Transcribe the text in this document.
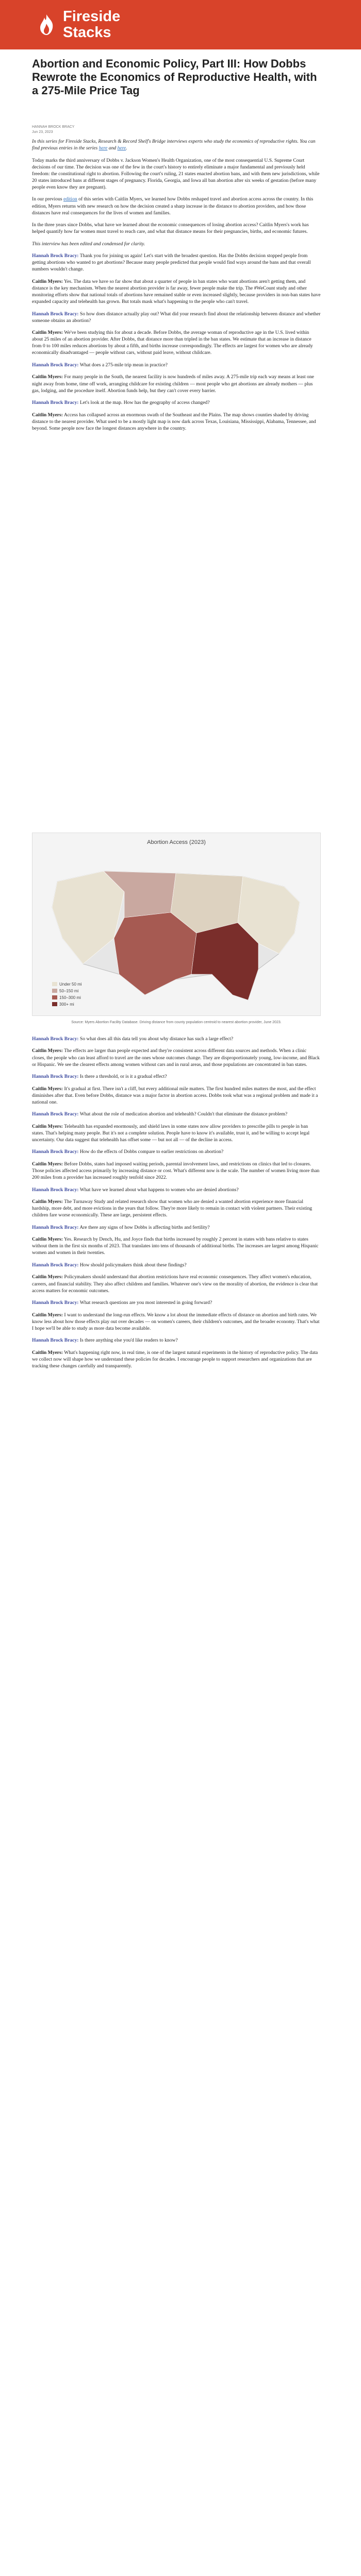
Fireside
Stacks
Abortion and Economic Policy, Part III: How Dobbs Rewrote the Economics of Reproductive Health, with a 275-Mile Price Tag
HANNAH BROCK BRACY
Jun 23, 2023

In this series for Fireside Stacks, Research & Record Shelf's Bridge interviews experts who study the economics of reproductive rights. You can find previous entries in the series here and here.

Today marks the third anniversary of Dobbs v. Jackson Women's Health Organization, one of the most consequential U.S. Supreme Court decisions of our time. The decision was one of the few in the court's history to entirely eliminate a major fundamental and previously held freedom: the constitutional right to abortion. Following the court's ruling, 21 states enacted abortion bans, and with them new jurisdictions, while 20 states introduced bans at different stages of pregnancy. Florida, Georgia, and Iowa all ban abortion after six weeks of gestation (before many people even know they are pregnant).

In our previous edition of this series with Caitlin Myers, we learned how Dobbs reshaped travel and abortion access across the country. In this edition, Myers returns with new research on how the decision created a sharp increase in the distance to abortion providers, and how those distances have real consequences for the lives of women and families.

In the three years since Dobbs, what have we learned about the economic consequences of losing abortion access? Caitlin Myers's work has helped quantify how far women must travel to reach care, and what that distance means for their pregnancies, births, and economic futures.

This interview has been edited and condensed for clarity.

Hannah Brock Bracy: Thank you for joining us again! Let's start with the broadest question. Has the Dobbs decision stopped people from getting abortions who wanted to get abortions? Because many people predicted that people would find ways around the bans and that overall numbers wouldn't change.

Caitlin Myers: Yes. The data we have so far show that about a quarter of people in ban states who want abortions aren't getting them, and distance is the key mechanism. When the nearest abortion provider is far away, fewer people make the trip. The #WeCount study and other monitoring efforts show that national totals of abortions have remained stable or even increased slightly, because providers in non-ban states have expanded capacity and telehealth has grown. But totals mask what's happening to the people who can't travel.

Hannah Brock Bracy: So how does distance actually play out? What did your research find about the relationship between distance and whether someone obtains an abortion?

Caitlin Myers: We've been studying this for about a decade. Before Dobbs, the average woman of reproductive age in the U.S. lived within about 25 miles of an abortion provider. After Dobbs, that distance more than tripled in the ban states. We estimate that an increase in distance from 0 to 100 miles reduces abortions by about a fifth, and births increase correspondingly. The effects are largest for women who are already economically disadvantaged — people without cars, without paid leave, without childcare.

Hannah Brock Bracy: What does a 275-mile trip mean in practice?

Caitlin Myers: For many people in the South, the nearest facility is now hundreds of miles away. A 275-mile trip each way means at least one night away from home, time off work, arranging childcare for existing children — most people who get abortions are already mothers — plus gas, lodging, and the procedure itself. Abortion funds help, but they can't cover every barrier.

Hannah Brock Bracy: Let's look at the map. How has the geography of access changed?

Caitlin Myers: Access has collapsed across an enormous swath of the Southeast and the Plains. The map shows counties shaded by driving distance to the nearest provider. What used to be a mostly light map is now dark across Texas, Louisiana, Mississippi, Alabama, Tennessee, and beyond. Some people now face the longest distances anywhere in the country.

Abortion Access (2023)
Under 50 mi
50–150 mi
150–300 mi
300+ mi
Source: Myers Abortion Facility Database. Driving distance from county population centroid to nearest abortion provider, June 2023.

Hannah Brock Bracy: So what does all this data tell you about why distance has such a large effect?

Caitlin Myers: The effects are larger than people expected and they're consistent across different data sources and methods. When a clinic closes, the people who can least afford to travel are the ones whose outcomes change. They are disproportionately young, low-income, and Black or Hispanic. We see the clearest effects among women without cars and in rural areas, and those populations are concentrated in ban states.

Hannah Brock Bracy: Is there a threshold, or is it a gradual effect?

Caitlin Myers: It's gradual at first. There isn't a cliff, but every additional mile matters. The first hundred miles matters the most, and the effect diminishes after that. Even before Dobbs, distance was a major factor in abortion access. Dobbs took what was a regional problem and made it a national one.

Hannah Brock Bracy: What about the role of medication abortion and telehealth? Couldn't that eliminate the distance problem?

Caitlin Myers: Telehealth has expanded enormously, and shield laws in some states now allow providers to prescribe pills to people in ban states. That's helping many people. But it's not a complete solution. People have to know it's available, trust it, and be willing to accept legal uncertainty. Our data suggest that telehealth has offset some — but not all — of the decline in access.

Hannah Brock Bracy: How do the effects of Dobbs compare to earlier restrictions on abortion?

Caitlin Myers: Before Dobbs, states had imposed waiting periods, parental involvement laws, and restrictions on clinics that led to closures. Those policies affected access primarily by increasing distance or cost. What's different now is the scale. The number of women living more than 200 miles from a provider has increased roughly tenfold since 2022.

Hannah Brock Bracy: What have we learned about what happens to women who are denied abortions?

Caitlin Myers: The Turnaway Study and related research show that women who are denied a wanted abortion experience more financial hardship, more debt, and more evictions in the years that follow. They're more likely to remain in contact with violent partners. Their existing children fare worse economically. These are large, persistent effects.

Hannah Brock Bracy: Are there any signs of how Dobbs is affecting births and fertility?

Caitlin Myers: Yes. Research by Dench, Hu, and Joyce finds that births increased by roughly 2 percent in states with bans relative to states without them in the first six months of 2023. That translates into tens of thousands of additional births. The increases are largest among Hispanic women and women in their twenties.

Hannah Brock Bracy: How should policymakers think about these findings?

Caitlin Myers: Policymakers should understand that abortion restrictions have real economic consequences. They affect women's education, careers, and financial stability. They also affect children and families. Whatever one's view on the morality of abortion, the evidence is clear that access matters for economic outcomes.

Hannah Brock Bracy: What research questions are you most interested in going forward?

Caitlin Myers: I want to understand the long-run effects. We know a lot about the immediate effects of distance on abortion and birth rates. We know less about how those effects play out over decades — on women's careers, their children's outcomes, and the broader economy. That's what I hope we'll be able to study as more data become available.

Hannah Brock Bracy: Is there anything else you'd like readers to know?

Caitlin Myers: What's happening right now, in real time, is one of the largest natural experiments in the history of reproductive policy. The data we collect now will shape how we understand these policies for decades. I encourage people to support researchers and organizations that are tracking these changes carefully and transparently.
